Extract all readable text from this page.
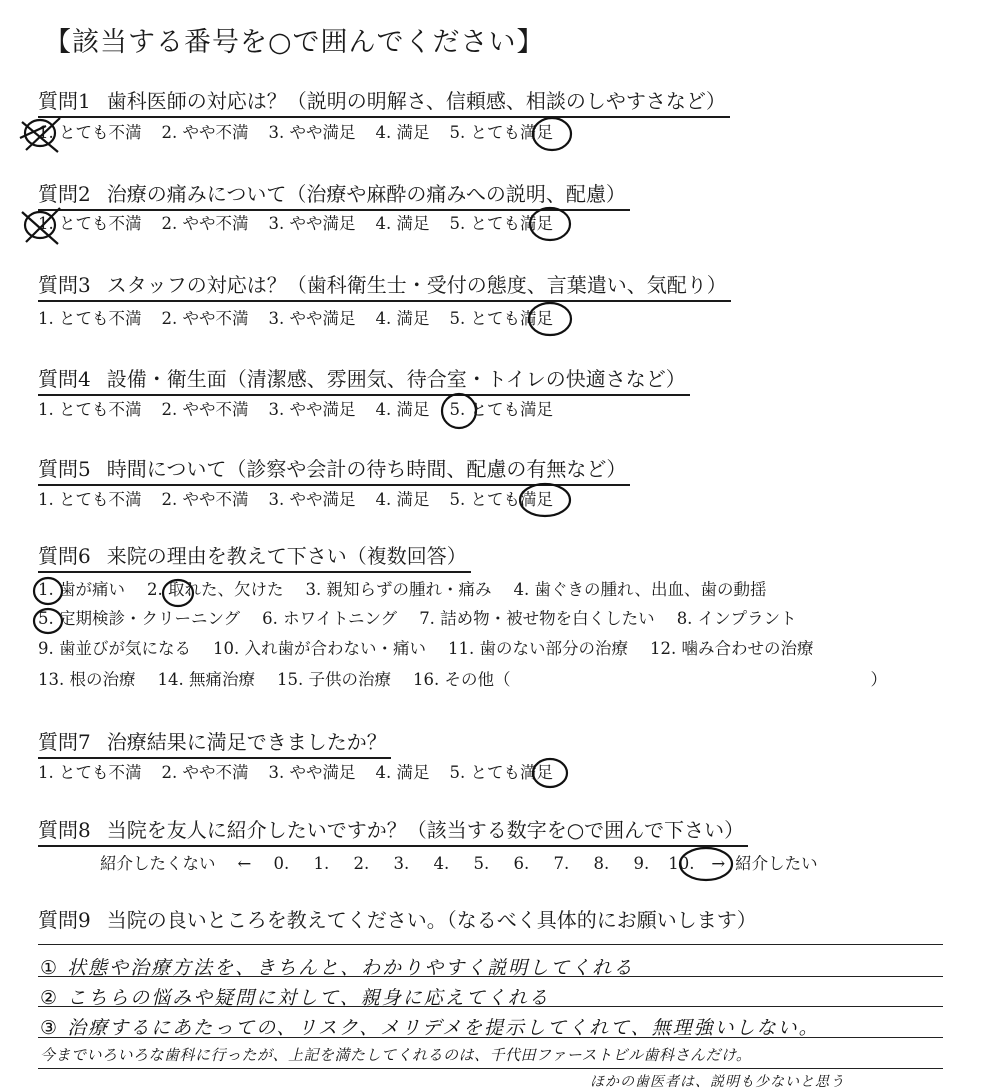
【該当する番号を○で囲んでください】
質問1 歯科医師の対応は？（説明の明解さ、信頼感、相談のしやすさなど）
1. とても不満 2. やや不満 3. やや満足 4. 満足 5. とても満足
質問2 治療の痛みについて（治療や麻酔の痛みへの説明、配慮）
1. とても不満 2. やや不満 3. やや満足 4. 満足 5. とても満足
質問3 スタッフの対応は？（歯科衛生士・受付の態度、言葉遣い、気配り）
1. とても不満 2. やや不満 3. やや満足 4. 満足 5. とても満足
質問4 設備・衛生面（清潔感、雰囲気、待合室・トイレの快適さなど）
1. とても不満 2. やや不満 3. やや満足 4. 満足 5. とても満足
質問5 時間について（診察や会計の待ち時間、配慮の有無など）
1. とても不満 2. やや不満 3. やや満足 4. 満足 5. とても満足
質問6 来院の理由を教えて下さい（複数回答）
1. 歯が痛い 2. 取れた、欠けた 3. 親知らずの腫れ・痛み 4. 歯ぐきの腫れ、出血、歯の動揺
5. 定期検診・クリーニング 6. ホワイトニング 7. 詰め物・被せ物を白くしたい 8. インプラント
9. 歯並びが気になる 10. 入れ歯が合わない・痛い 11. 歯のない部分の治療 12. 噛み合わせの治療
13. 根の治療 14. 無痛治療 15. 子供の治療 16. その他（	）
質問7 治療結果に満足できましたか？
1. とても不満 2. やや不満 3. やや満足 4. 満足 5. とても満足
質問8 当院を友人に紹介したいですか？（該当する数字を○で囲んで下さい）
紹介したくない ← 0. 1. 2. 3. 4. 5. 6. 7. 8. 9. 10. → 紹介したい
質問9 当院の良いところを教えてください。（なるべく具体的にお願いします）
① 状態や治療方法を、きちんと、わかりやすく説明してくれる
② こちらの悩みや疑問に対して、親身に応えてくれる
③ 治療するにあたっての、リスク、メリデメを提示してくれて、無理強いしない。
今までいろいろな歯科に行ったが、上記を満たしてくれるのは、千代田ファーストビル歯科さんだけ。
ほかの歯医者は、説明も少ないと思う
